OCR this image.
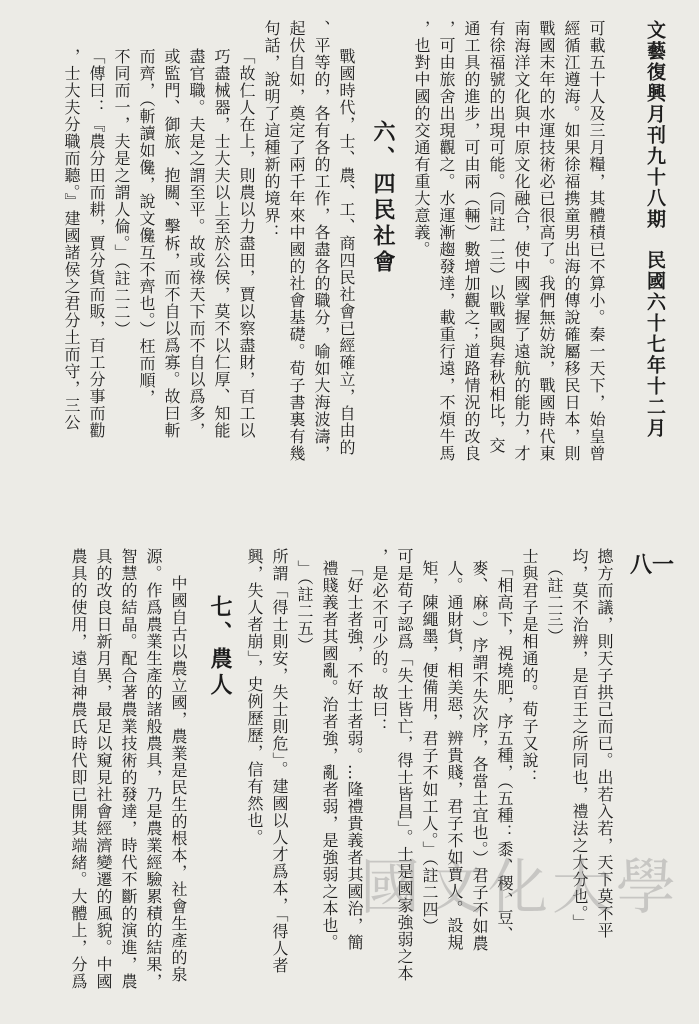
文藝復興月刊九十八期民國六十七年十二月
可載五十人及三月糧，其體積已不算小。秦一天下，始皇曾
經循江遵海。如果徐福携童男出海的傳說確屬移民日本，則
戰國末年的水運技術必已很高了。我們無妨說，戰國時代東
南海洋文化與中原文化融合，使中國掌握了遠航的能力，才
有徐福號的出現可能。（同註一三）以戰國與春秋相比，交
通工具的進步，可由兩（輛）數增加觀之；道路情況的改良
，可由旅舍出現觀之。水運漸趨發達，載重行遠，不煩牛馬
，也對中國的交通有重大意義。
六、四民社會
戰國時代，士、農、工、商四民社會已經確立，自由的
、平等的，各有各的工作，各盡各的職分，喻如大海波濤，
起伏自如，奠定了兩千年來中國的社會基礎。荀子書裏有幾
句話，說明了這種新的境界：
「故仁人在上，則農以力盡田，賈以察盡財，百工以
巧盡械器，士大夫以上至於公侯，莫不以仁厚、知能
盡官職。夫是之謂至平。故或祿天下而不自以爲多，
或監門、御旅、抱關、擊柝，而不自以爲寡。故曰斬
而齊，（斬讀如儳，說文儳互不齊也。）枉而順，
不同而一，夫是之謂人倫。」（註二二）
「傳曰：『農分田而耕，賈分貨而販，百工分事而勸
，士大夫分職而聽。』建國諸侯之君分土而守，三公
八一
摠方而議，則天子拱己而已。出若入若，天下莫不平
均，莫不治辨，是百王之所同也，禮法之大分也。」
（註二三）
士與君子是相通的。荀子又說：
「相高下，視墝肥，序五種，（五種：黍、稷、豆、
麥、麻。）序謂不失次序，各當土宜也。）君子不如農
人。通財貨，相美惡，辨貴賤，君子不如賈人。設規
矩，陳繩墨，便備用，君子不如工人。」（註二四）
可是荀子認爲「失士皆亡，得士皆昌」。士是國家強弱之本
，是必不可少的。故曰：
「好士者強，不好士者弱。…隆禮貴義者其國治，簡
禮賤義者其國亂。治者強，亂者弱，是強弱之本也。
」（註二五）
所謂「得士則安，失士則危」。建國以人才爲本，「得人者
興，失人者崩」，史例歷歷，信有然也。
七、農人
中國自古以農立國，農業是民生的根本，社會生產的泉
源。作爲農業生產的諸般農具，乃是農業經驗累積的結果，
智慧的結晶。配合著農業技術的發達，時代不斷的演進，農
具的改良日新月異，最足以窺見社會經濟變遷的風貌。中國
農具的使用，遠自神農氏時代即已開其端緒。大體上，分爲	國文化大學
